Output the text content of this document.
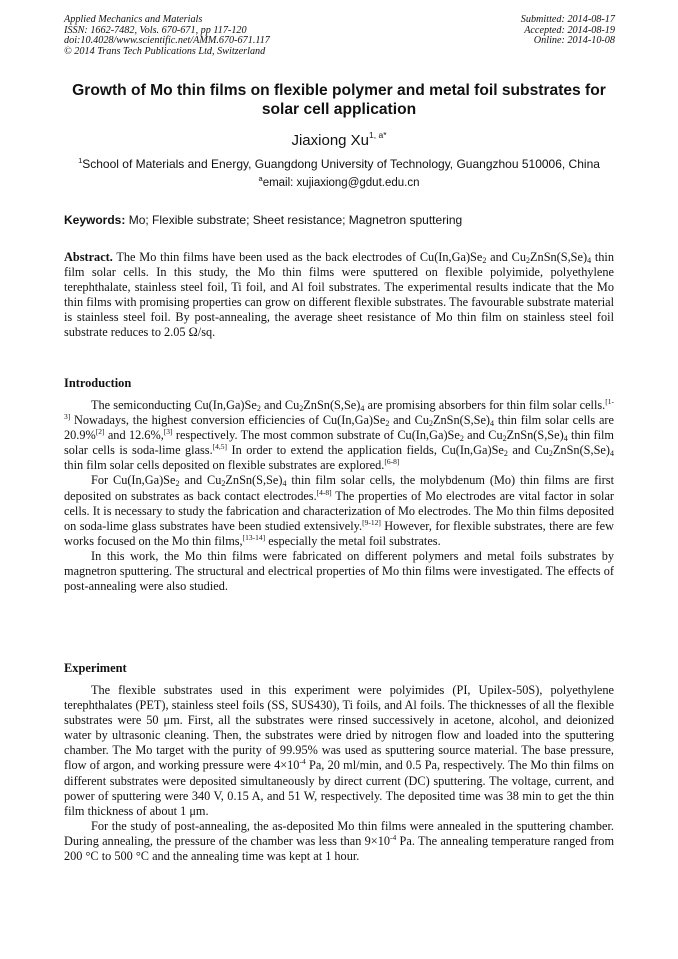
Applied Mechanics and Materials
ISSN: 1662-7482, Vols. 670-671, pp 117-120
doi:10.4028/www.scientific.net/AMM.670-671.117
© 2014 Trans Tech Publications Ltd, Switzerland
Submitted: 2014-08-17
Accepted: 2014-08-19
Online: 2014-10-08
Growth of Mo thin films on flexible polymer and metal foil substrates for
solar cell application
Jiaxiong $Xu^{1, a*}$
$^1$School of Materials and Energy, Guangdong University of Technology, Guangzhou 510006, China
$^a$email: xujiaxiong@gdut.edu.cn
Keywords: Mo; Flexible substrate; Sheet resistance; Magnetron sputtering

Abstract. The Mo thin films have been used as the back electrodes of $Cu(In,Ga)Se_2$ and $Cu_2ZnSn(S,Se)_4$ thin film solar cells. In this study, the Mo thin films were sputtered on flexible polyimide, polyethylene terephthalate, stainless steel foil, Ti foil, and Al foil substrates. The experimental results indicate that the Mo thin films with promising properties can grow on different flexible substrates. The favourable substrate material is stainless steel foil. By post-annealing, the average sheet resistance of Mo thin film on stainless steel foil substrate reduces to 2.05 Ω/sq.

Introduction

The semiconducting $Cu(In,Ga)Se_2$ and $Cu_2ZnSn(S,Se)_4$ are promising absorbers for thin film solar cells.[1-3] Nowadays, the highest conversion efficiencies of $Cu(In,Ga)Se_2$ and $Cu_2ZnSn(S,Se)_4$ thin film solar cells are 20.9%[2] and 12.6%,[3] respectively. The most common substrate of $Cu(In,Ga)Se_2$ and $Cu_2ZnSn(S,Se)_4$ thin film solar cells is soda-lime glass.[4,5] In order to extend the application fields, $Cu(In,Ga)Se_2$ and $Cu_2ZnSn(S,Se)_4$ thin film solar cells deposited on flexible substrates are explored.[6-8]

For $Cu(In,Ga)Se_2$ and $Cu_2ZnSn(S,Se)_4$ thin film solar cells, the molybdenum (Mo) thin films are first deposited on substrates as back contact electrodes.[4-8] The properties of Mo electrodes are vital factor in solar cells. It is necessary to study the fabrication and characterization of Mo electrodes. The Mo thin films deposited on soda-lime glass substrates have been studied extensively.[9-12] However, for flexible substrates, there are few works focused on the Mo thin films,[13-14] especially the metal foil substrates.

In this work, the Mo thin films were fabricated on different polymers and metal foils substrates by magnetron sputtering. The structural and electrical properties of Mo thin films were investigated. The effects of post-annealing were also studied.

Experiment

The flexible substrates used in this experiment were polyimides (PI, Upilex-50S), polyethylene terephthalates (PET), stainless steel foils (SS, SUS430), Ti foils, and Al foils. The thicknesses of all the flexible substrates were 50 μm. First, all the substrates were rinsed successively in acetone, alcohol, and deionized water by ultrasonic cleaning. Then, the substrates were dried by nitrogen flow and loaded into the sputtering chamber. The Mo target with the purity of 99.95% was used as sputtering source material. The base pressure, flow of argon, and working pressure were $4\times 10^{-4}$ Pa, 20 ml/min, and 0.5 Pa, respectively. The Mo thin films on different substrates were deposited simultaneously by direct current (DC) sputtering. The voltage, current, and power of sputtering were 340 V, 0.15 A, and 51 W, respectively. The deposited time was 38 min to get the thin film thickness of about 1 μm.

For the study of post-annealing, the as-deposited Mo thin films were annealed in the sputtering chamber. During annealing, the pressure of the chamber was less than $9\times 10^{-4}$ Pa. The annealing temperature ranged from 200 °C to 500 °C and the annealing time was kept at 1 hour.
